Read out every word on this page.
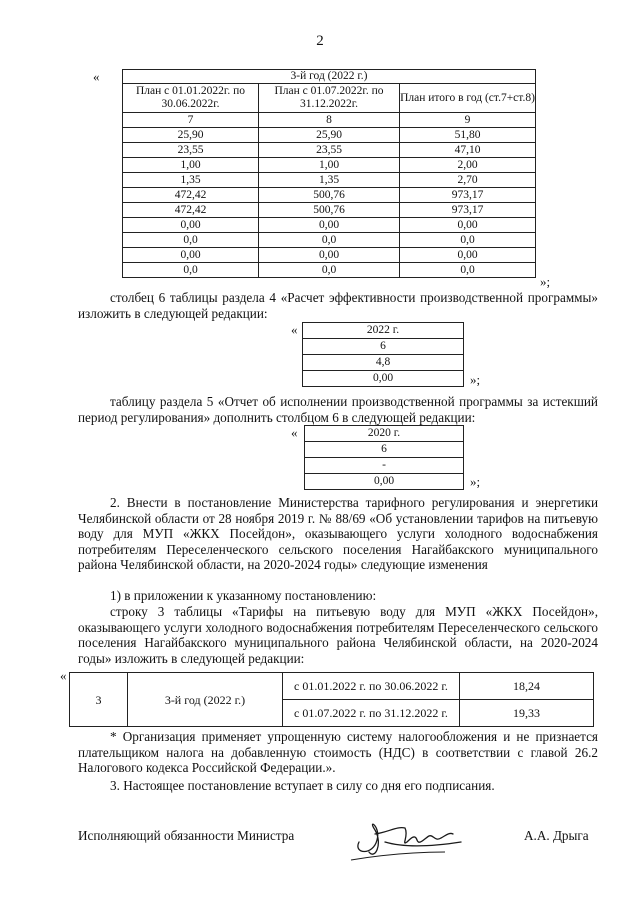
2
«	3-й год (2022 г.)		
План с 01.01.2022г. по 30.06.2022г.	План с 01.07.2022г. по 31.12.2022г.	План итого в год (ст.7+ст.8)
7	8	9
25,90	25,90	51,80
23,55	23,55	47,10
1,00	1,00	2,00
1,35	1,35	2,70
472,42	500,76	973,17
472,42	500,76	973,17
0,00	0,00	0,00
0,0	0,0	0,0
0,00	0,00	0,00
0,0	0,0	0,0
»;
столбец 6 таблицы раздела 4 «Расчет эффективности производственной программы» изложить в следующей редакции:
«	2022 г.
6
4,8
0,00	»;
таблицу раздела 5 «Отчет об исполнении производственной программы за истекший период регулирования» дополнить столбцом 6 в следующей редакции:
«	2020 г.
6
-
0,00	»;
2. Внести в постановление Министерства тарифного регулирования и энергетики Челябинской области от 28 ноября 2019 г. № 88/69 «Об установлении тарифов на питьевую воду для МУП «ЖКХ Посейдон», оказывающего услуги холодного водоснабжения потребителям Переселенческого сельского поселения Нагайбакского муниципального района Челябинской области, на 2020-2024 годы» следующие изменения
1) в приложении к указанному постановлению:
строку 3 таблицы «Тарифы на питьевую воду для МУП «ЖКХ Посейдон», оказывающего услуги холодного водоснабжения потребителям Переселенческого сельского поселения Нагайбакского муниципального района Челябинской области, на 2020-2024 годы» изложить в следующей редакции:
«
3	3-й год (2022 г.)	с 01.01.2022 г. по 30.06.2022 г.	18,24
		с 01.07.2022 г. по 31.12.2022 г.	19,33
* Организация применяет упрощенную систему налогообложения и не признается плательщиком налога на добавленную стоимость (НДС) в соответствии с главой 26.2 Налогового кодекса Российской Федерации.».
3. Настоящее постановление вступает в силу со дня его подписания.
Исполняющий обязанности Министра	А.А. Дрыга
